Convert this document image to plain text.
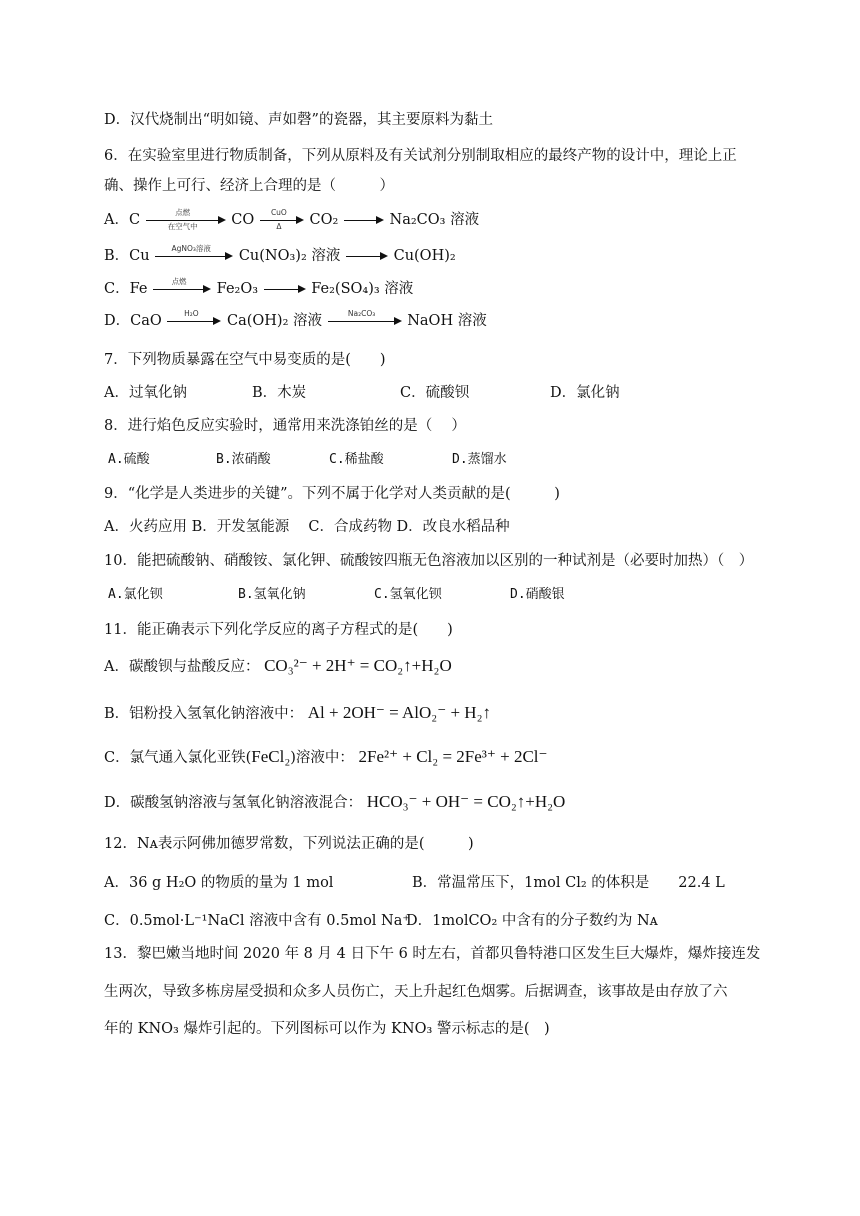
D．汉代烧制出“明如镜、声如磬”的瓷器，其主要原料为黏土
6．在实验室里进行物质制备，下列从原料及有关试剂分别制取相应的最终产物的设计中，理论上正
确、操作上可行、经济上合理的是（　　　）
A．C	点燃
在空气中	CO	CuO
Δ	CO₂	Na₂CO₃ 溶液
B．Cu	AgNO₃溶液	Cu(NO₃)₂ 溶液	Cu(OH)₂
C．Fe	点燃	Fe₂O₃	Fe₂(SO₄)₃ 溶液
D．CaO	H₂O	Ca(OH)₂ 溶液	Na₂CO₃	NaOH 溶液
7．下列物质暴露在空气中易变质的是(　　)
A．过氧化钠	B．木炭	C．硫酸钡	D．氯化钠
8．进行焰色反应实验时，通常用来洗涤铂丝的是（　 ）
A.硫酸	B.浓硝酸	C.稀盐酸	D.蒸馏水
9．“化学是人类进步的关键”。下列不属于化学对人类贡献的是(　　　)
A．火药应用 B．开发氢能源　 C．合成药物 D．改良水稻品种
10．能把硫酸钠、硝酸铵、氯化钾、硫酸铵四瓶无色溶液加以区别的一种试剂是（必要时加热）（　）
A.氯化钡	B.氢氧化钠	C.氢氧化钡	D.硝酸银
11．能正确表示下列化学反应的离子方程式的是(　　)
A．碳酸钡与盐酸反应： CO₃²⁻ + 2H⁺ = CO₂↑+H₂O
B．铝粉投入氢氧化钠溶液中： Al + 2OH⁻ = AlO₂⁻ + H₂↑
C．氯气通入氯化亚铁(FeCl₂)溶液中： 2Fe²⁺ + Cl₂ = 2Fe³⁺ + 2Cl⁻
D．碳酸氢钠溶液与氢氧化钠溶液混合： HCO₃⁻ + OH⁻ = CO₂↑+H₂O
12．Nᴀ表示阿佛加德罗常数，下列说法正确的是(　　　)
A．36 g H₂O 的物质的量为 1 mol	B．常温常压下，1mol Cl₂ 的体积是　　22.4 L
C．0.5mol·L⁻¹NaCl 溶液中含有 0.5mol Na⁺
D．1molCO₂ 中含有的分子数约为 Nᴀ
13．黎巴嫩当地时间 2020 年 8 月 4 日下午 6 时左右，首都贝鲁特港口区发生巨大爆炸，爆炸接连发
生两次，导致多栋房屋受损和众多人员伤亡，天上升起红色烟雾。后据调查，该事故是由存放了六
年的 KNO₃ 爆炸引起的。下列图标可以作为 KNO₃ 警示标志的是(　)
